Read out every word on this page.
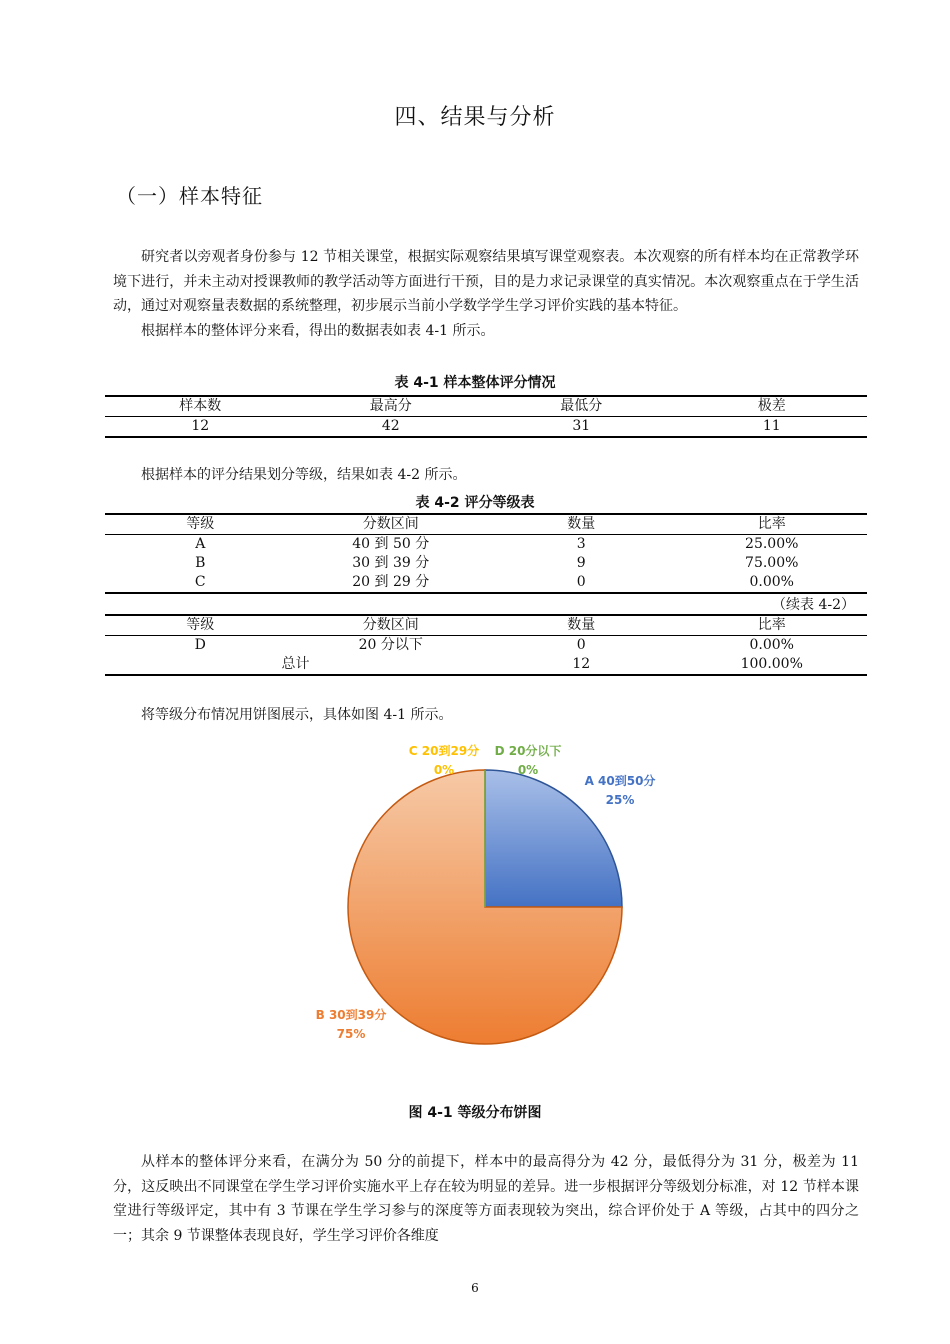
四、结果与分析
（一）样本特征

研究者以旁观者身份参与 12 节相关课堂，根据实际观察结果填写课堂观察表。本次观察的所有样本均在正常教学环境下进行，并未主动对授课教师的教学活动等方面进行干预，目的是力求记录课堂的真实情况。本次观察重点在于学生活动，通过对观察量表数据的系统整理，初步展示当前小学数学学生学习评价实践的基本特征。

根据样本的整体评分来看，得出的数据表如表 4-1 所示。

表 4-1 样本整体评分情况
样本数	最高分	最低分	极差
12	42	31	11

根据样本的评分结果划分等级，结果如表 4-2 所示。

表 4-2 评分等级表
等级	分数区间	数量	比率
A	40 到 50 分	3	25.00%
B	30 到 39 分	9	75.00%
C	20 到 29 分	0	0.00%
（续表 4-2）
等级	分数区间	数量	比率
D	20 分以下	0	0.00%
总计		12	100.00%

将等级分布情况用饼图展示，具体如图 4-1 所示。

A 40到50分
25%
B 30到39分
75%
C 20到29分
0%
D 20分以下
0%
图 4-1 等级分布饼图

从样本的整体评分来看，在满分为 50 分的前提下，样本中的最高得分为 42 分，最低得分为 31 分，极差为 11 分，这反映出不同课堂在学生学习评价实施水平上存在较为明显的差异。进一步根据评分等级划分标准，对 12 节样本课堂进行等级评定，其中有 3 节课在学生学习参与的深度等方面表现较为突出，综合评价处于 A 等级，占其中的四分之一；其余 9 节课整体表现良好，学生学习评价各维度

6
